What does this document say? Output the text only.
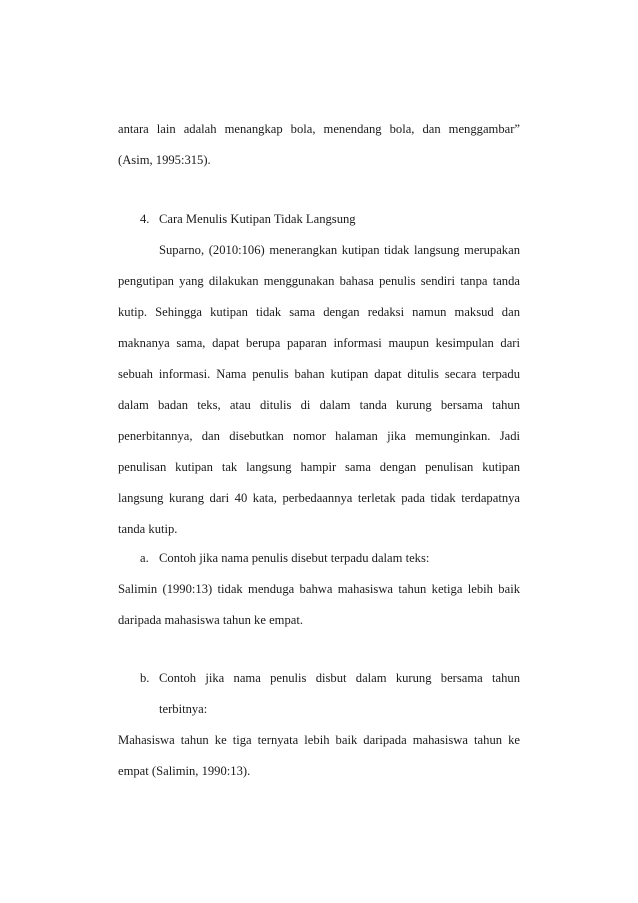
antara lain adalah menangkap bola, menendang bola, dan menggambar”
(Asim, 1995:315).
4. Cara Menulis Kutipan Tidak Langsung
Suparno, (2010:106) menerangkan kutipan tidak langsung merupakan
pengutipan yang dilakukan menggunakan bahasa penulis sendiri tanpa tanda
kutip. Sehingga kutipan tidak sama dengan redaksi namun maksud dan
maknanya sama, dapat berupa paparan informasi maupun kesimpulan dari
sebuah informasi. Nama penulis bahan kutipan dapat ditulis secara terpadu
dalam badan teks, atau ditulis di dalam tanda kurung bersama tahun
penerbitannya, dan disebutkan nomor halaman jika memunginkan. Jadi
penulisan kutipan tak langsung hampir sama dengan penulisan kutipan
langsung kurang dari 40 kata, perbedaannya terletak pada tidak terdapatnya
tanda kutip.
a. Contoh jika nama penulis disebut terpadu dalam teks:
Salimin (1990:13) tidak menduga bahwa mahasiswa tahun ketiga lebih baik
daripada mahasiswa tahun ke empat.
b. Contoh jika nama penulis disbut dalam kurung bersama tahun
terbitnya:
Mahasiswa tahun ke tiga ternyata lebih baik daripada mahasiswa tahun ke
empat (Salimin, 1990:13).
